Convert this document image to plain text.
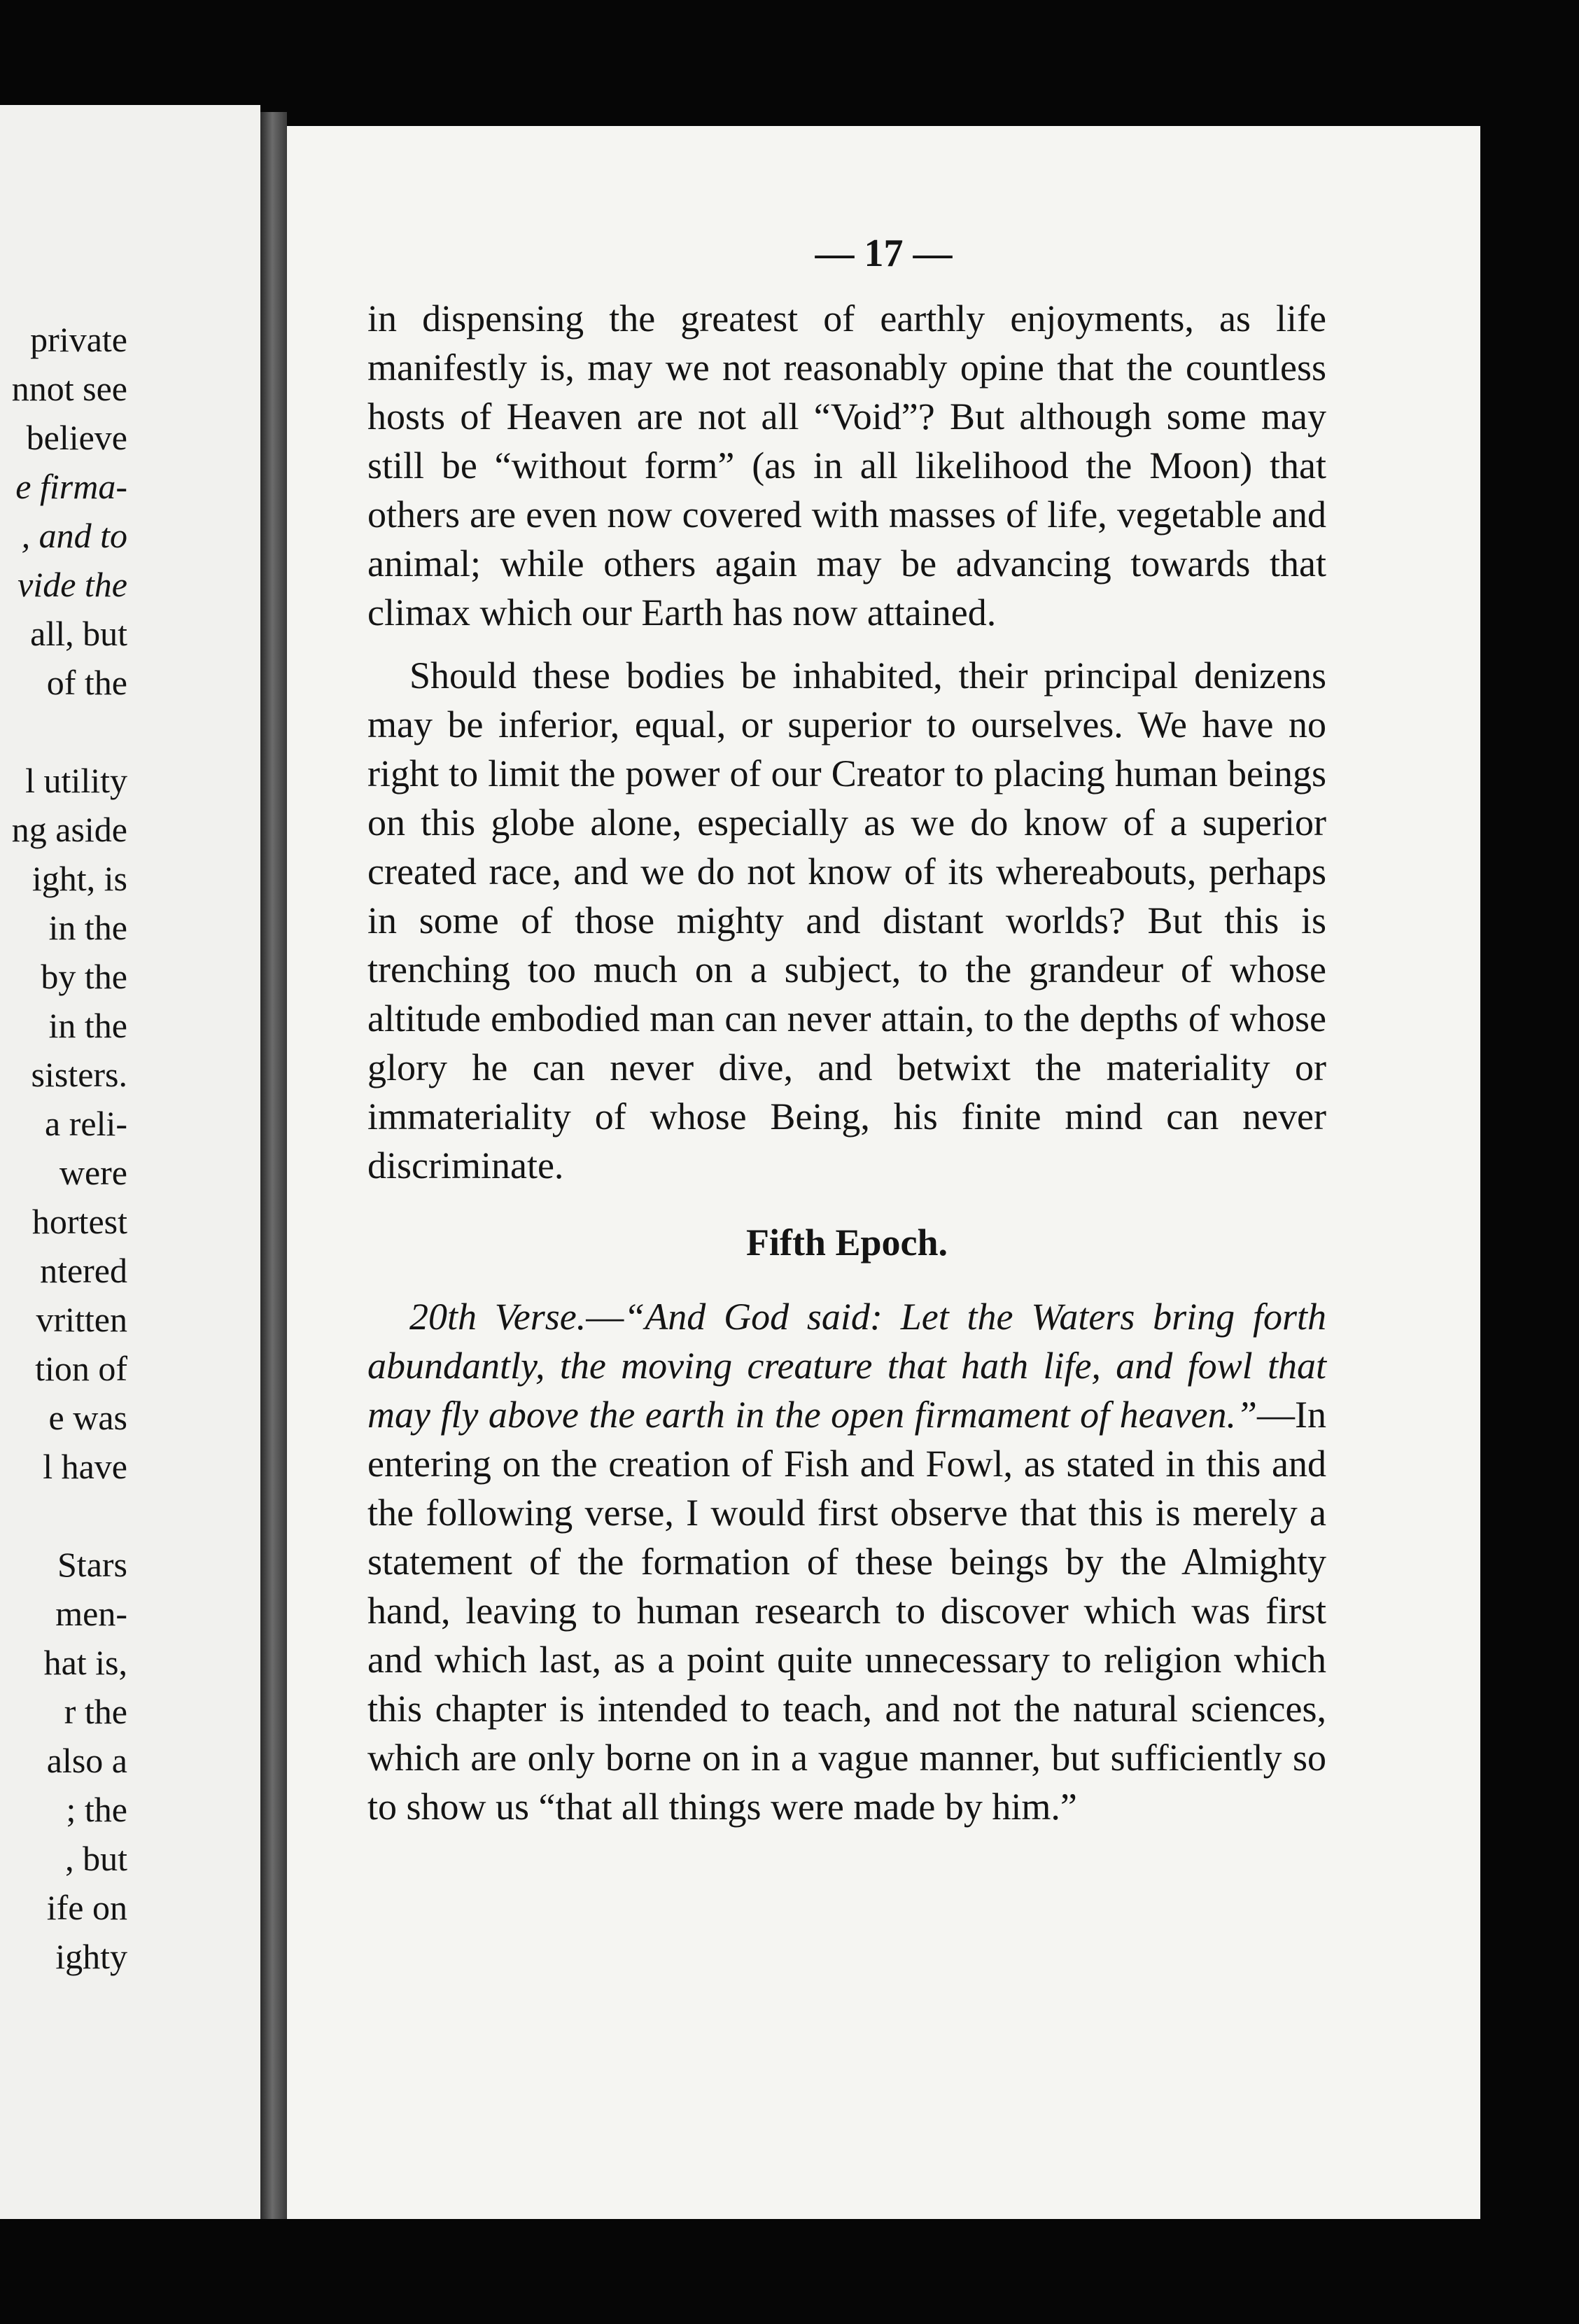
private
nnot see
believe
e firma-
, and to
vide the
all, but
of the
l utility
ng aside
ight, is
in the
by the
in the
sisters.
a reli-
were
hortest
ntered
vritten
tion of
e was
l have
Stars
men-
hat is,
r the
also a
; the
, but
ife on
ighty
— 17 —

in dispensing the greatest of earthly enjoyments, as life manifestly is, may we not reasonably opine that the countless hosts of Heaven are not all “Void”? But although some may still be “without form” (as in all likelihood the Moon) that others are even now covered with masses of life, vegetable and animal; while others again may be advancing towards that climax which our Earth has now attained.

Should these bodies be inhabited, their principal denizens may be inferior, equal, or superior to ourselves. We have no right to limit the power of our Creator to placing human beings on this globe alone, especially as we do know of a superior created race, and we do not know of its whereabouts, perhaps in some of those mighty and distant worlds? But this is trenching too much on a subject, to the grandeur of whose altitude embodied man can never attain, to the depths of whose glory he can never dive, and betwixt the materiality or immateriality of whose Being, his finite mind can never discriminate.

Fifth Epoch.

20th Verse.—“And God said: Let the Waters bring forth abundantly, the moving creature that hath life, and fowl that may fly above the earth in the open firmament of heaven.”—In entering on the creation of Fish and Fowl, as stated in this and the following verse, I would first observe that this is merely a statement of the formation of these beings by the Almighty hand, leaving to human research to discover which was first and which last, as a point quite unnecessary to religion which this chapter is intended to teach, and not the natural sciences, which are only borne on in a vague manner, but sufficiently so to show us “that all things were made by him.”
